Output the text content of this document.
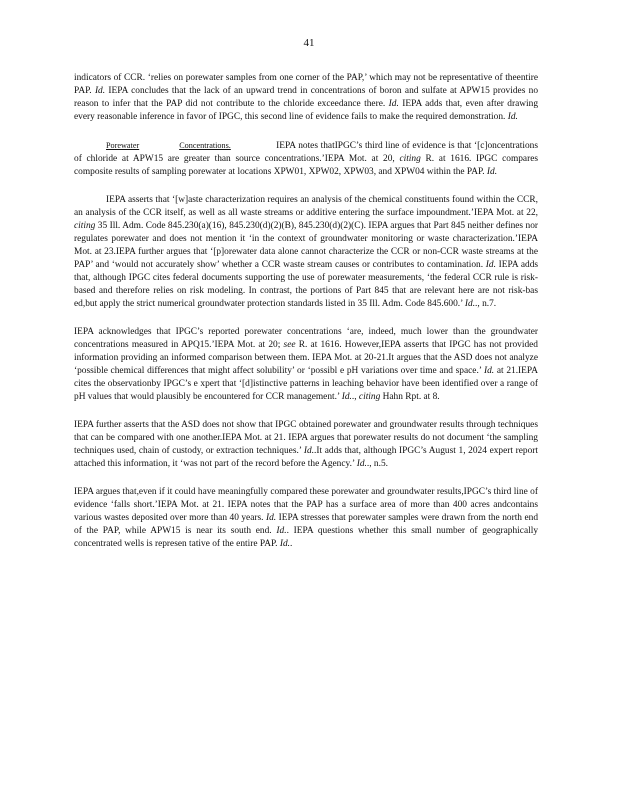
41

indicators of CCR. ‘relies on porewater samples from one corner of the PAP,’ which may not be representative of theentire PAP. Id. IEPA concludes that the lack of an upward trend in concentrations of boron and sulfate at APW15 provides no reason to infer that the PAP did not contribute to the chloride exceedance there. Id. IEPA adds that, even after drawing every reasonable inference in favor of IPGC, this second line of evidence fails to make the required demonstration. Id.

Porewater	Concentrations.	IEPA notes thatIPGC’s third line of evidence is that ‘[c]oncentrations of chloride at APW15 are greater than source concentrations.’IEPA Mot. at 20, citing R. at 1616. IPGC compares composite results of sampling porewater at locations XPW01, XPW02, XPW03, and XPW04 within the PAP. Id.

IEPA asserts that ‘[w]aste characterization requires an analysis of the chemical constituents found within the CCR, an analysis of the CCR itself, as well as all waste streams or additive entering the surface impoundment.’IEPA Mot. at 22, citing 35 Ill. Adm. Code 845.230(a)(16), 845.230(d)(2)(B), 845.230(d)(2)(C). IEPA argues that Part 845 neither defines nor regulates porewater and does not mention it ‘in the context of groundwater monitoring or waste characterization.’IEPA Mot. at 23.IEPA further argues that ‘[p]orewater data alone cannot characterize the CCR or non-CCR waste streams at the PAP’ and ‘would not accurately show’ whether a CCR waste stream causes or contributes to contamination. Id. IEPA adds that, although IPGC cites federal documents supporting the use of porewater measurements, ‘the federal CCR rule is risk-based and therefore relies on risk modeling. In contrast, the portions of Part 845 that are relevant here are not risk-bas ed,but apply the strict numerical groundwater protection standards listed in 35 Ill. Adm. Code 845.600.’ Id.., n.7.

IEPA acknowledges that IPGC’s reported porewater concentrations ‘are, indeed, much lower than the groundwater concentrations measured in APQ15.’IEPA Mot. at 20; see R. at 1616. However,IEPA asserts that IPGC has not provided information providing an informed comparison between them. IEPA Mot. at 20-21.It argues that the ASD does not analyze ‘possible chemical differences that might affect solubility’ or ‘possibl e pH variations over time and space.’ Id. at 21.IEPA cites the observationby IPGC’s e xpert that ‘[d]istinctive patterns in leaching behavior have been identified over a range of pH values that would plausibly be encountered for CCR management.’ Id.., citing Hahn Rpt. at 8.

IEPA further asserts that the ASD does not show that IPGC obtained porewater and groundwater results through techniques that can be compared with one another.IEPA Mot. at 21. IEPA argues that porewater results do not document ‘the sampling techniques used, chain of custody, or extraction techniques.’ Id..It adds that, although IPGC’s August 1, 2024 expert report attached this information, it ‘was not part of the record before the Agency.’ Id.., n.5.

IEPA argues that,even if it could have meaningfully compared these porewater and groundwater results,IPGC’s third line of evidence ‘falls short.’IEPA Mot. at 21. IEPA notes that the PAP has a surface area of more than 400 acres andcontains various wastes deposited over more than 40 years. Id. IEPA stresses that porewater samples were drawn from the north end of the PAP, while APW15 is near its south end. Id.. IEPA questions whether this small number of geographically concentrated wells is represen tative of the entire PAP. Id..
